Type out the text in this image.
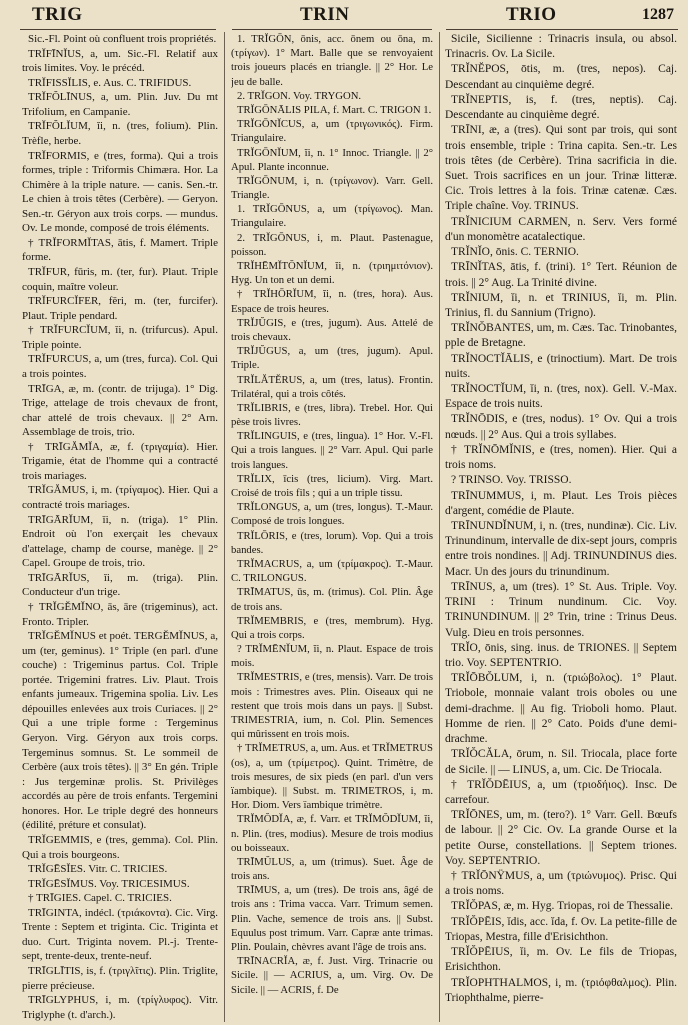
TRIG	TRIN	TRIO	1287

Sic.-Fl. Point où confluent trois propriétés.

TRĬFĪNĬUS, a, um. Sic.-Fl. Relatif aux trois limites. Voy. le précéd.

TRĬFISSĬLIS, e. Aus. C. TRIFIDUS.

TRĬFŎLĪNUS, a, um. Plin. Juv. Du mt Trifolium, en Campanie.

TRĬFŎLĬUM, ĭi, n. (tres, folium). Plin. Trèfle, herbe.

TRĬFORMIS, e (tres, forma). Qui a trois formes, triple : Triformis Chimæra. Hor. La Chimère à la triple nature. — canis. Sen.-tr. Le chien à trois têtes (Cerbère). — Geryon. Sen.-tr. Géryon aux trois corps. — mundus. Ov. Le monde, composé de trois éléments.

† TRĬFORMĬTAS, ātis, f. Mamert. Triple forme.

TRĬFUR, fūris, m. (ter, fur). Plaut. Triple coquin, maître voleur.

TRĬFURCĬFER, fĕri, m. (ter, furcifer). Plaut. Triple pendard.

† TRĬFURCĬUM, ĭi, n. (trifurcus). Apul. Triple pointe.

TRĬFURCUS, a, um (tres, furca). Col. Qui a trois pointes.

TRĪGA, æ, m. (contr. de trijuga). 1° Dig. Trige, attelage de trois chevaux de front, char attelé de trois chevaux. || 2° Arn. Assemblage de trois, trio.

† TRĪGĂMĬA, æ, f. (τριγαμία). Hier. Trigamie, état de l'homme qui a contracté trois mariages.

TRĬGĂMUS, i, m. (τρίγαμος). Hier. Qui a contracté trois mariages.

TRĪGĀRĬUM, ĭi, n. (triga). 1° Plin. Endroit où l'on exerçait les chevaux d'attelage, champ de course, manège. || 2° Capel. Groupe de trois, trio.

TRĪGĀRĬUS, ĭi, m. (triga). Plin. Conducteur d'un trige.

† TRĬGĔMĬNO, ās, āre (trigeminus), act. Fronto. Tripler.

TRĬGĔMĬNUS et poét. TERGĔMĬNUS, a, um (ter, geminus). 1° Triple (en parl. d'une couche) : Trigeminus partus. Col. Triple portée. Trigemini fratres. Liv. Plaut. Trois enfants jumeaux. Trigemina spolia. Liv. Les dépouilles enlevées aux trois Curiaces. || 2° Qui a une triple forme : Tergeminus Geryon. Virg. Géryon aux trois corps. Tergeminus somnus. St. Le sommeil de Cerbère (aux trois têtes). || 3° En gén. Triple : Jus tergeminæ prolis. St. Privilèges accordés au père de trois enfants. Tergemini honores. Hor. Le triple degré des honneurs (édilité, préture et consulat).

TRĬGEMMIS, e (tres, gemma). Col. Plin. Qui a trois bourgeons.

TRĬGĒSĬES. Vitr. C. TRICIES.

TRĬGĒSĬMUS. Voy. TRICESIMUS.

† TRĪGIES. Capel. C. TRICIES.

TRĪGINTA, indécl. (τριάκοντα). Cic. Virg. Trente : Septem et triginta. Cic. Triginta et duo. Curt. Triginta novem. Pl.-j. Trente-sept, trente-deux, trente-neuf.

TRĪGLĪTIS, is, f. (τριγλῖτις). Plin. Triglite, pierre précieuse.

TRĪGLYPHUS, i, m. (τρίγλυφος). Vitr. Triglyphe (t. d'arch.).

1. TRĬGŌN, ōnis, acc. ōnem ou ōna, m. (τρίγων). 1° Mart. Balle que se renvoyaient trois joueurs placés en triangle. || 2° Hor. Le jeu de balle.

2. TRĬGON. Voy. TRYGON.

TRĬGŌNĀLIS PILA, f. Mart. C. TRIGON 1.

TRĬGŌNĬCUS, a, um (τριγωνικός). Firm. Triangulaire.

TRĬGŌNĬUM, ĭi, n. 1° Innoc. Triangle. || 2° Apul. Plante inconnue.

TRĬGŌNUM, i, n. (τρίγωνον). Varr. Gell. Triangle.

1. TRĬGŌNUS, a, um (τρίγωνος). Man. Triangulaire.

2. TRĬGŌNUS, i, m. Plaut. Pastenague, poisson.

TRĬHĒMĬTŎNĬUM, ĭi, n. (τριημιτόνιον). Hyg. Un ton et un demi.

† TRĬHŌRĬUM, ĭi, n. (tres, hora). Aus. Espace de trois heures.

TRĬJŬGIS, e (tres, jugum). Aus. Attelé de trois chevaux.

TRĬJŬGUS, a, um (tres, jugum). Apul. Triple.

TRĬLĂTĔRUS, a, um (tres, latus). Frontin. Trilatéral, qui a trois côtés.

TRĬLIBRIS, e (tres, libra). Trebel. Hor. Qui pèse trois livres.

TRĬLINGUIS, e (tres, lingua). 1° Hor. V.-Fl. Qui a trois langues. || 2° Varr. Apul. Qui parle trois langues.

TRĬLIX, īcis (tres, licium). Virg. Mart. Croisé de trois fils ; qui a un triple tissu.

TRĬLONGUS, a, um (tres, longus). T.-Maur. Composé de trois longues.

TRĬLŌRIS, e (tres, lorum). Vop. Qui a trois bandes.

TRĬMACRUS, a, um (τρίμακρος). T.-Maur. C. TRILONGUS.

TRĪMATUS, ūs, m. (trimus). Col. Plin. Âge de trois ans.

TRĬMEMBRIS, e (tres, membrum). Hyg. Qui a trois corps.

? TRĬMĒNĬUM, ĭi, n. Plaut. Espace de trois mois.

TRĬMESTRIS, e (tres, mensis). Varr. De trois mois : Trimestres aves. Plin. Oiseaux qui ne restent que trois mois dans un pays. || Subst. TRIMESTRIA, ium, n. Col. Plin. Semences qui mûrissent en trois mois.

† TRĬMETRUS, a, um. Aus. et TRĬMETRUS (os), a, um (τρίμετρος). Quint. Trimètre, de trois mesures, de six pieds (en parl. d'un vers ïambique). || Subst. m. TRIMETROS, i, m. Hor. Diom. Vers ïambique trimètre.

TRĬMŎDĬA, æ, f. Varr. et TRĬMŎDĬUM, ĭi, n. Plin. (tres, modius). Mesure de trois modius ou boisseaux.

TRĪMŬLUS, a, um (trimus). Suet. Âge de trois ans.

TRĪMUS, a, um (tres). De trois ans, âgé de trois ans : Trima vacca. Varr. Trimum semen. Plin. Vache, semence de trois ans. || Subst. Equulus post trimum. Varr. Capræ ante trimas. Plin. Poulain, chèvres avant l'âge de trois ans.

TRĪNACRĬA, æ, f. Just. Virg. Trinacrie ou Sicile. || — ACRIUS, a, um. Virg. Ov. De Sicile. || — ACRIS, f. De

Sicile, Sicilienne : Trinacris insula, ou absol. Trinacris. Ov. La Sicile.

TRĬNĔPOS, ōtis, m. (tres, nepos). Caj. Descendant au cinquième degré.

TRĬNEPTIS, is, f. (tres, neptis). Caj. Descendante au cinquième degré.

TRĪNI, æ, a (tres). Qui sont par trois, qui sont trois ensemble, triple : Trina capita. Sen.-tr. Les trois têtes (de Cerbère). Trina sacrificia in die. Suet. Trois sacrifices en un jour. Trinæ litteræ. Cic. Trois lettres à la fois. Trinæ catenæ. Cæs. Triple chaîne. Voy. TRINUS.

TRĬNICIUM CARMEN, n. Serv. Vers formé d'un monomètre acatalectique.

TRĬNĬO, ōnis. C. TERNIO.

TRĪNĬTAS, ātis, f. (trini). 1° Tert. Réunion de trois. || 2° Aug. La Trinité divine.

TRĬNIUM, ĭi, n. et TRINIUS, ĭi, m. Plin. Trinius, fl. du Sannium (Trigno).

TRĬNŎBANTES, um, m. Cæs. Tac. Trinobantes, pple de Bretagne.

TRĬNOCTĬĀLIS, e (trinoctium). Mart. De trois nuits.

TRĬNOCTĬUM, ĭi, n. (tres, nox). Gell. V.-Max. Espace de trois nuits.

TRĬNŌDIS, e (tres, nodus). 1° Ov. Qui a trois nœuds. || 2° Aus. Qui a trois syllabes.

† TRĬNŌMĬNIS, e (tres, nomen). Hier. Qui a trois noms.

? TRINSO. Voy. TRISSO.

TRĪNUMMUS, i, m. Plaut. Les Trois pièces d'argent, comédie de Plaute.

TRĪNUNDĬNUM, i, n. (tres, nundinæ). Cic. Liv. Trinundinum, intervalle de dix-sept jours, compris entre trois nondines. || Adj. TRINUNDINUS dies. Macr. Un des jours du trinundinum.

TRĪNUS, a, um (tres). 1° St. Aus. Triple. Voy. TRINI : Trinum nundinum. Cic. Voy. TRINUNDINUM. || 2° Trin, trine : Trinus Deus. Vulg. Dieu en trois personnes.

TRĬO, ōnis, sing. inus. de TRIONES. || Septem trio. Voy. SEPTENTRIO.

TRĬŌBŎLUM, i, n. (τριώβολος). 1° Plaut. Triobole, monnaie valant trois oboles ou une demi-drachme. || Au fig. Trioboli homo. Plaut. Homme de rien. || 2° Cato. Poids d'une demi-drachme.

TRĬŎCĂLA, ōrum, n. Sil. Triocala, place forte de Sicile. || — LINUS, a, um. Cic. De Triocala.

† TRĬŎDĒIUS, a, um (τριοδήιος). Insc. De carrefour.

TRĬŌNES, um, m. (tero?). 1° Varr. Gell. Bœufs de labour. || 2° Cic. Ov. La grande Ourse et la petite Ourse, constellations. || Septem triones. Voy. SEPTENTRIO.

† TRĬŌNŸMUS, a, um (τριώνυμος). Prisc. Qui a trois noms.

TRĬŎPAS, æ, m. Hyg. Triopas, roi de Thessalie.

TRĬŎPĒIS, ĭdis, acc. ĭda, f. Ov. La petite-fille de Triopas, Mestra, fille d'Erisichthon.

TRĬŎPĒIUS, ĭi, m. Ov. Le fils de Triopas, Erisichthon.

TRĬOPHTHALMOS, i, m. (τριόφθαλμος). Plin. Triophthalme, pierre-
